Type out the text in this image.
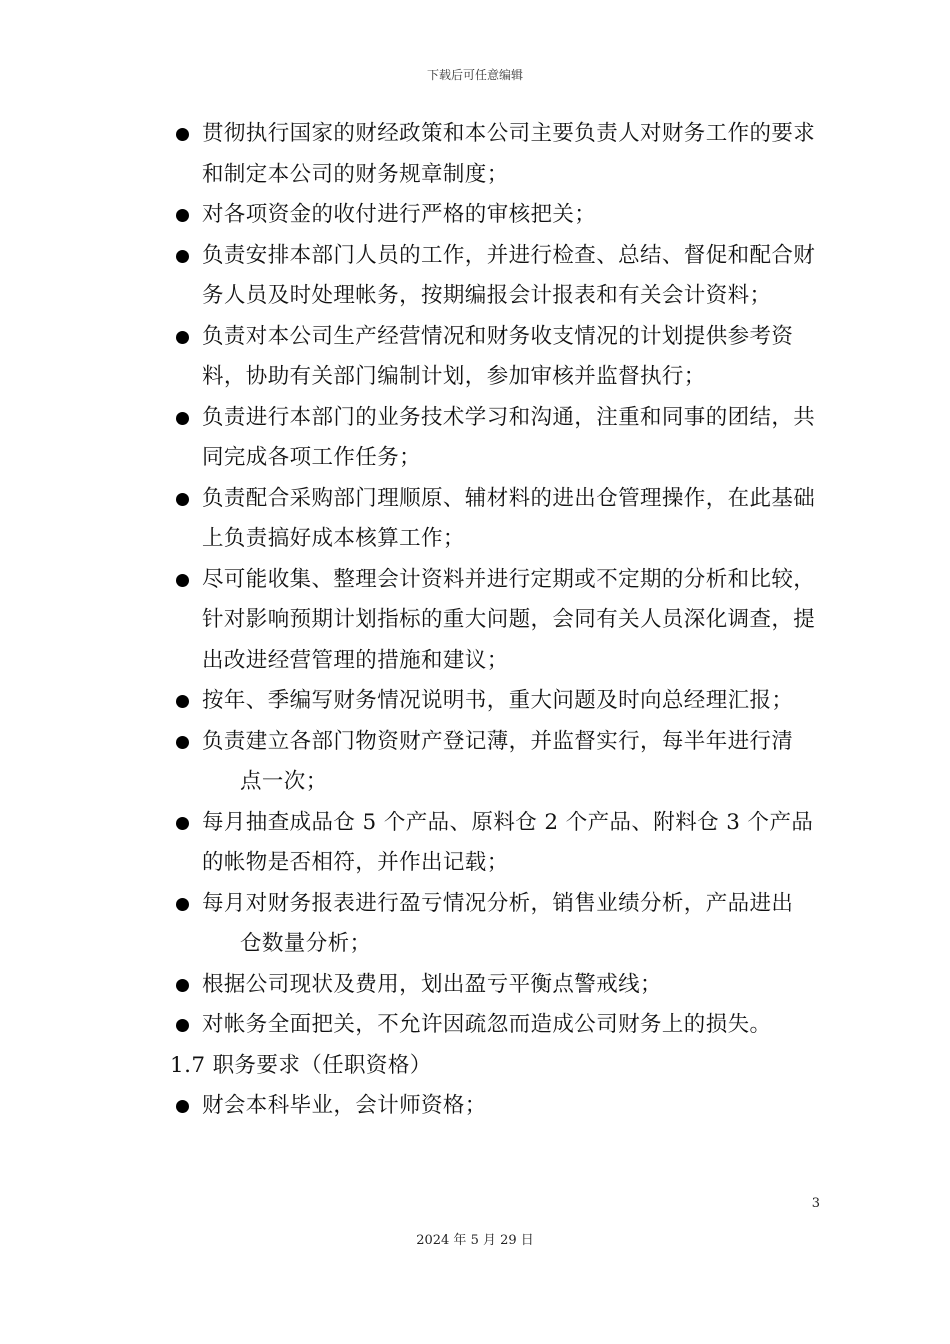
下载后可任意编辑
贯彻执行国家的财经政策和本公司主要负责人对财务工作的要求和制定本公司的财务规章制度；
对各项资金的收付进行严格的审核把关；
负责安排本部门人员的工作，并进行检查、总结、督促和配合财务人员及时处理帐务，按期编报会计报表和有关会计资料；
负责对本公司生产经营情况和财务收支情况的计划提供参考资料，协助有关部门编制计划，参加审核并监督执行；
负责进行本部门的业务技术学习和沟通，注重和同事的团结，共同完成各项工作任务；
负责配合采购部门理顺原、辅材料的进出仓管理操作，在此基础上负责搞好成本核算工作；
尽可能收集、整理会计资料并进行定期或不定期的分析和比较，针对影响预期计划指标的重大问题，会同有关人员深化调查，提出改进经营管理的措施和建议；
按年、季编写财务情况说明书，重大问题及时向总经理汇报；
负责建立各部门物资财产登记薄，并监督实行，每半年进行清
点一次；
每月抽查成品仓 5 个产品、原料仓 2 个产品、附料仓 3 个产品的帐物是否相符，并作出记载；
每月对财务报表进行盈亏情况分析，销售业绩分析，产品进出
仓数量分析；
根据公司现状及费用，划出盈亏平衡点警戒线；
对帐务全面把关，不允许因疏忽而造成公司财务上的损失。
1.7 职务要求（任职资格）
财会本科毕业，会计师资格；
3
2024 年 5 月 29 日
